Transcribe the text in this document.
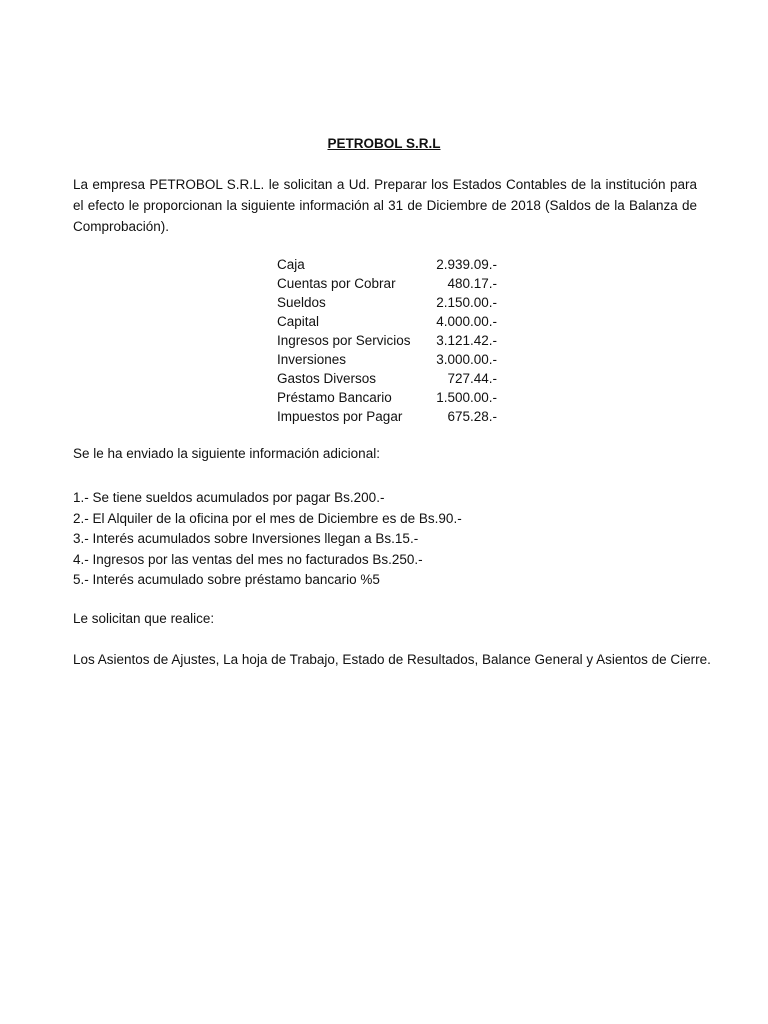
PETROBOL S.R.L
La empresa PETROBOL S.R.L. le solicitan a Ud. Preparar los Estados Contables de la institución para el efecto le proporcionan la siguiente información al 31 de Diciembre de 2018 (Saldos de la Balanza de Comprobación).
Caja	2.939.09.-
Cuentas por Cobrar	480.17.-
Sueldos	2.150.00.-
Capital	4.000.00.-
Ingresos por Servicios	3.121.42.-
Inversiones	3.000.00.-
Gastos Diversos	727.44.-
Préstamo Bancario	1.500.00.-
Impuestos por Pagar	675.28.-
Se le ha enviado la siguiente información adicional:
1.- Se tiene sueldos acumulados por pagar Bs.200.-
2.- El Alquiler de la oficina por el mes de Diciembre es de Bs.90.-
3.- Interés acumulados sobre Inversiones llegan a Bs.15.-
4.- Ingresos por las ventas del mes no facturados Bs.250.-
5.- Interés acumulado sobre préstamo bancario %5
Le solicitan que realice:
Los Asientos de Ajustes, La hoja de Trabajo, Estado de Resultados, Balance General y Asientos de Cierre.
